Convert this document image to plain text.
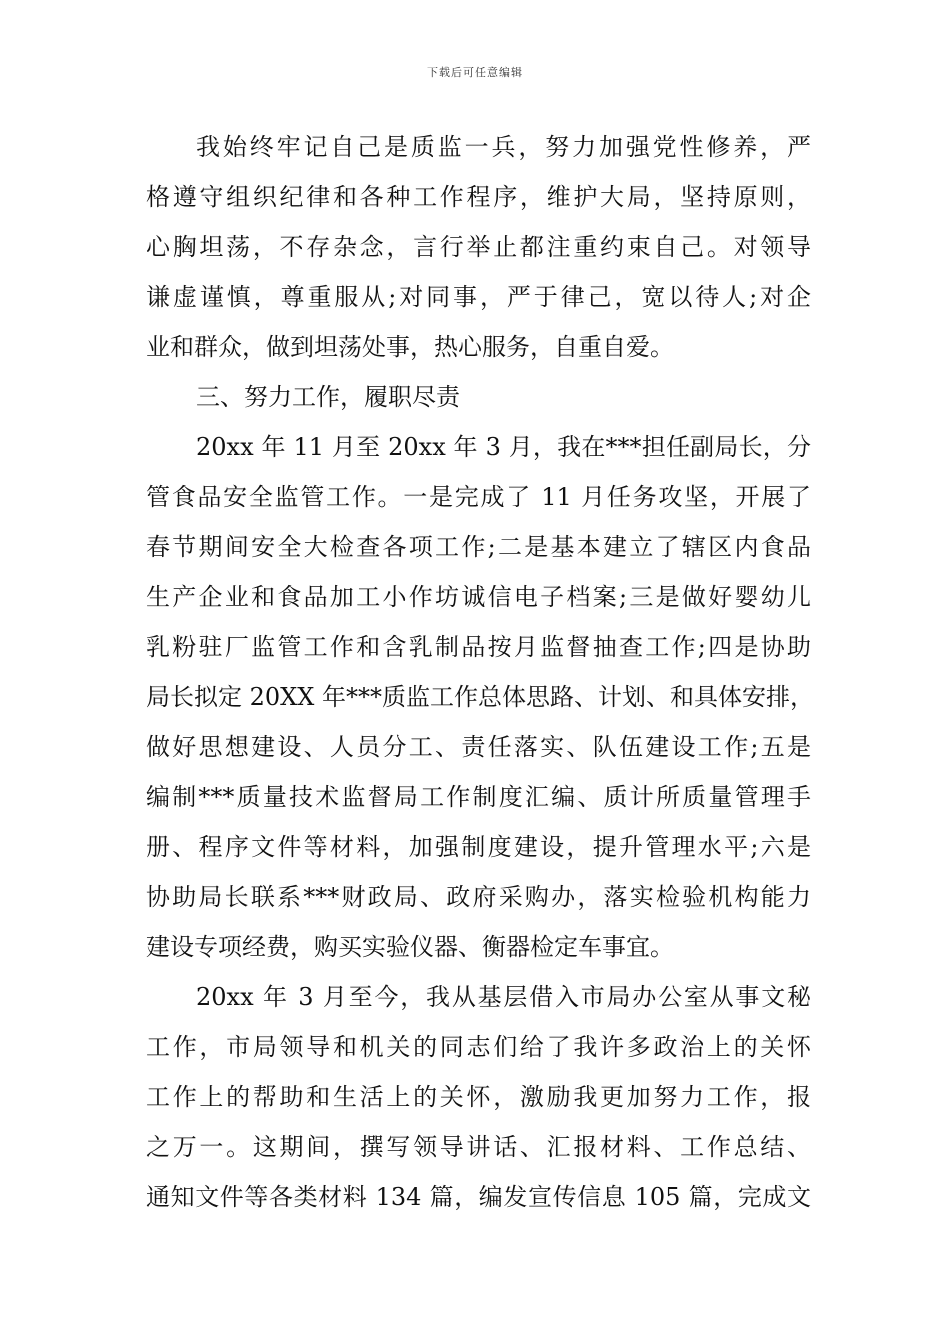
下载后可任意编辑
我始终牢记自己是质监一兵，努力加强党性修养，严
格遵守组织纪律和各种工作程序，维护大局，坚持原则，
心胸坦荡，不存杂念，言行举止都注重约束自己。对领导
谦虚谨慎，尊重服从;对同事，严于律己，宽以待人;对企
业和群众，做到坦荡处事，热心服务，自重自爱。
三、努力工作，履职尽责
20xx 年 11 月至 20xx 年 3 月，我在***担任副局长，分
管食品安全监管工作。一是完成了 11 月任务攻坚，开展了
春节期间安全大检查各项工作;二是基本建立了辖区内食品
生产企业和食品加工小作坊诚信电子档案;三是做好婴幼儿
乳粉驻厂监管工作和含乳制品按月监督抽查工作;四是协助
局长拟定 20XX 年***质监工作总体思路、计划、和具体安排，
做好思想建设、人员分工、责任落实、队伍建设工作;五是
编制***质量技术监督局工作制度汇编、质计所质量管理手
册、程序文件等材料，加强制度建设，提升管理水平;六是
协助局长联系***财政局、政府采购办，落实检验机构能力
建设专项经费，购买实验仪器、衡器检定车事宜。
20xx 年 3 月至今，我从基层借入市局办公室从事文秘
工作，市局领导和机关的同志们给了我许多政治上的关怀
工作上的帮助和生活上的关怀，激励我更加努力工作，报
之万一。这期间，撰写领导讲话、汇报材料、工作总结、
通知文件等各类材料 134 篇，编发宣传信息 105 篇，完成文
